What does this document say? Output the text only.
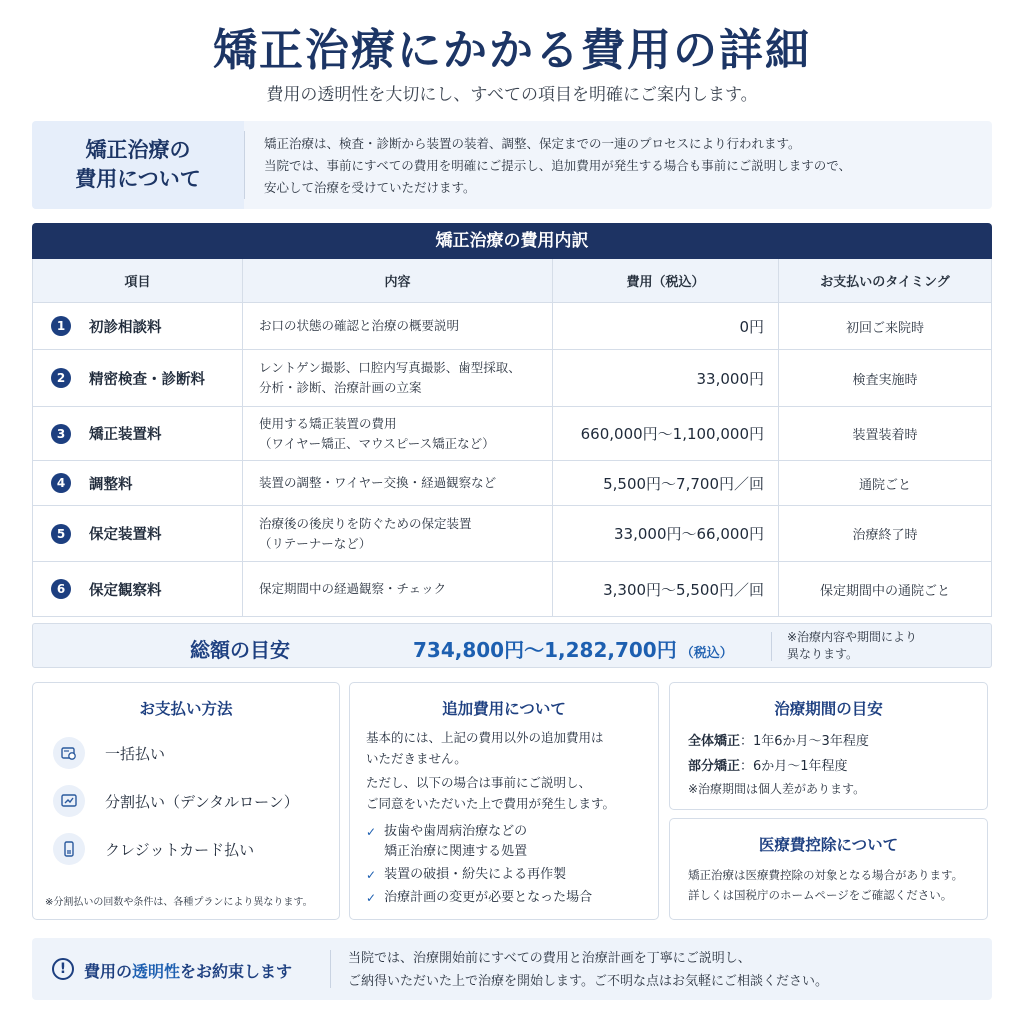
矯正治療にかかる費用の詳細
費用の透明性を大切にし、すべての項目を明確にご案内します。
矯正治療の
費用について
矯正治療は、検査・診断から装置の装着、調整、保定までの一連のプロセスにより行われます。
当院では、事前にすべての費用を明確にご提示し、追加費用が発生する場合も事前にご説明しますので、
安心して治療を受けていただけます。
矯正治療の費用内訳
項目	内容	費用（税込）	お支払いのタイミング
1	初診相談料	お口の状態の確認と治療の概要説明	0円	初回ご来院時
2	精密検査・診断料
レントゲン撮影、口腔内写真撮影、歯型採取、
分析・診断、治療計画の立案	33,000円	検査実施時
3	矯正装置料
使用する矯正装置の費用
（ワイヤー矯正、マウスピース矯正など）	660,000円～1,100,000円	装置装着時
4	調整料	装置の調整・ワイヤー交換・経過観察など	5,500円～7,700円／回	通院ごと
5	保定装置料
治療後の後戻りを防ぐための保定装置
（リテーナーなど）	33,000円～66,000円	治療終了時
6	保定観察料	保定期間中の経過観察・チェック	3,300円～5,500円／回	保定期間中の通院ごと
総額の目安	734,800円～1,282,700円 （税込）
※治療内容や期間により
異なります。
お支払い方法
一括払い
分割払い（デンタルローン）
クレジットカード払い
※分割払いの回数や条件は、各種プランにより異なります。
追加費用について
基本的には、上記の費用以外の追加費用は
いただきません。
ただし、以下の場合は事前にご説明し、
ご同意をいただいた上で費用が発生します。
✓ 抜歯や歯周病治療などの
矯正治療に関連する処置
✓ 装置の破損・紛失による再作製
✓ 治療計画の変更が必要となった場合
治療期間の目安
全体矯正：1年6か月～3年程度
部分矯正：6か月～1年程度
※治療期間は個人差があります。
医療費控除について
矯正治療は医療費控除の対象となる場合があります。
詳しくは国税庁のホームページをご確認ください。
!	費用の透明性をお約束します
当院では、治療開始前にすべての費用と治療計画を丁寧にご説明し、
ご納得いただいた上で治療を開始します。ご不明な点はお気軽にご相談ください。
